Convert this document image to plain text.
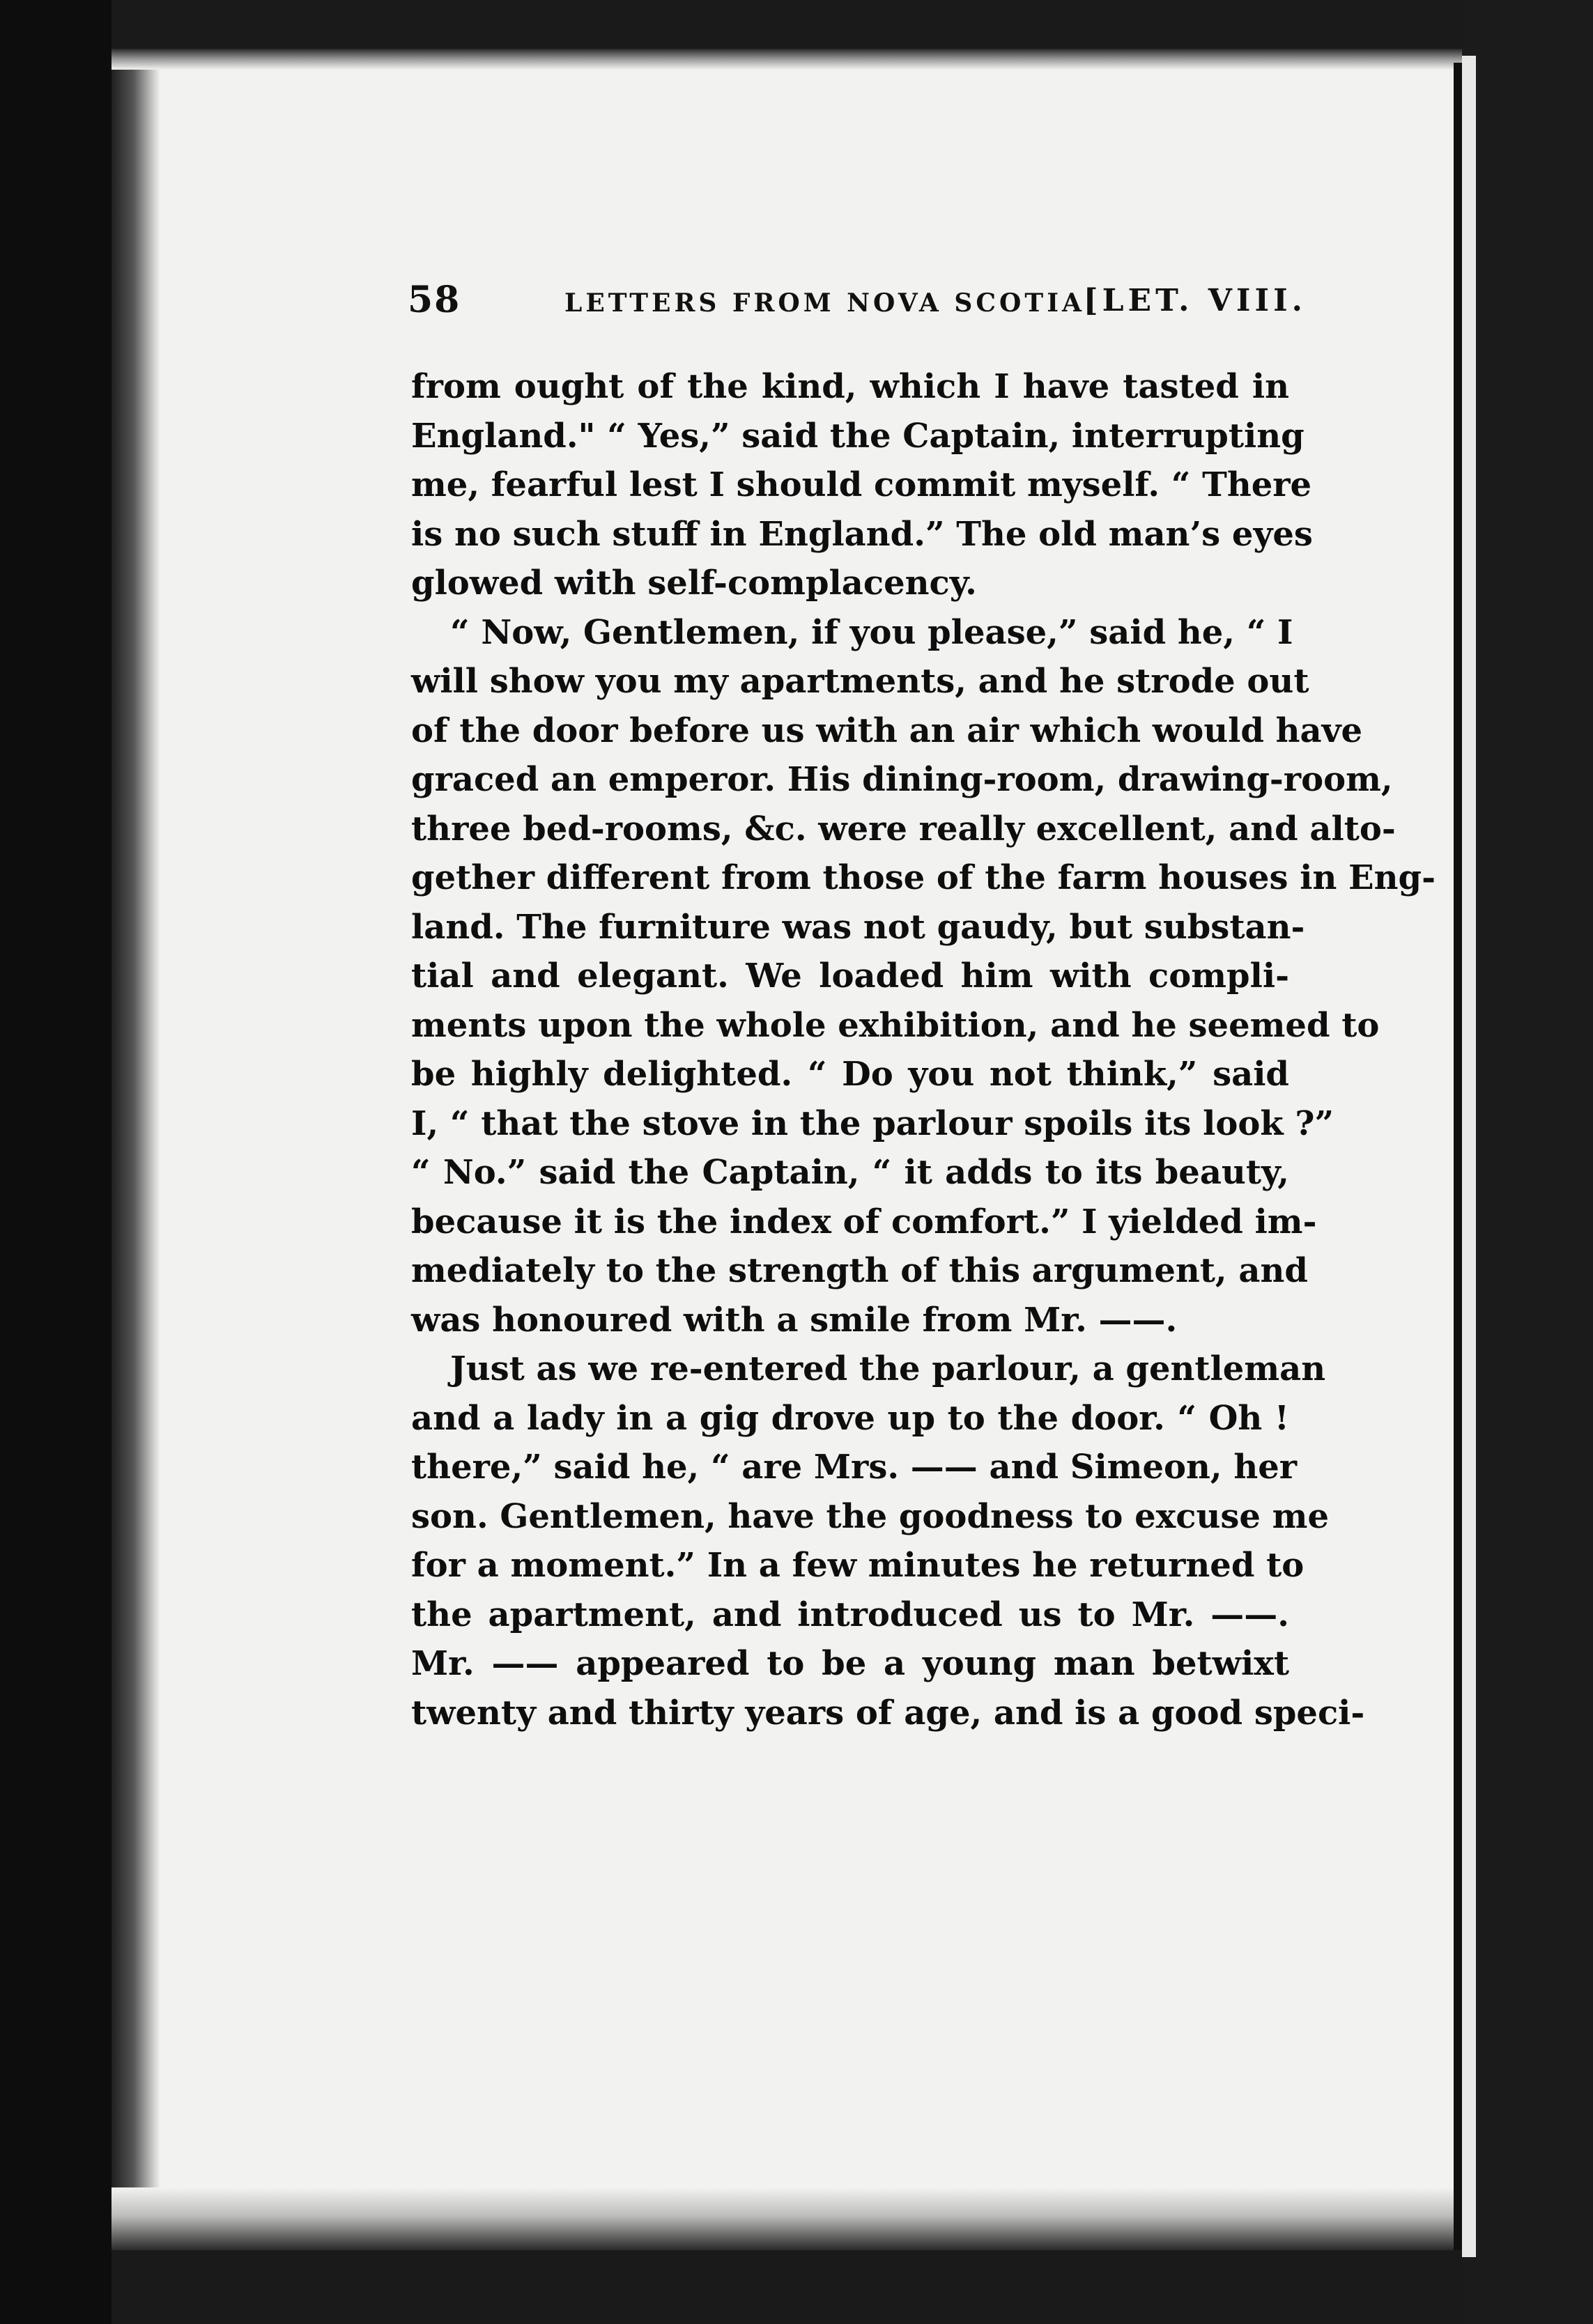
58	LETTERS FROM NOVA SCOTIA
[LET. VIII.
from ought of the kind, which I have tasted in
England." “ Yes,” said the Captain, interrupting
me, fearful lest I should commit myself. “ There
is no such stuff in England.” The old man’s eyes
glowed with self-complacency.
“ Now, Gentlemen, if you please,” said he, “ I
will show you my apartments, and he strode out
of the door before us with an air which would have
graced an emperor. His dining-room, drawing-room,
three bed-rooms, &c. were really excellent, and alto-
gether different from those of the farm houses in Eng-
land. The furniture was not gaudy, but substan-
tial and elegant. We loaded him with compli-
ments upon the whole exhibition, and he seemed to
be highly delighted. “ Do you not think,” said
I, “ that the stove in the parlour spoils its look ?”
“ No.” said the Captain, “ it adds to its beauty,
because it is the index of comfort.” I yielded im-
mediately to the strength of this argument, and
was honoured with a smile from Mr. ——.
Just as we re-entered the parlour, a gentleman
and a lady in a gig drove up to the door. “ Oh !
there,” said he, “ are Mrs. —— and Simeon, her
son. Gentlemen, have the goodness to excuse me
for a moment.” In a few minutes he returned to
the apartment, and introduced us to Mr. ——.
Mr. —— appeared to be a young man betwixt
twenty and thirty years of age, and is a good speci-
